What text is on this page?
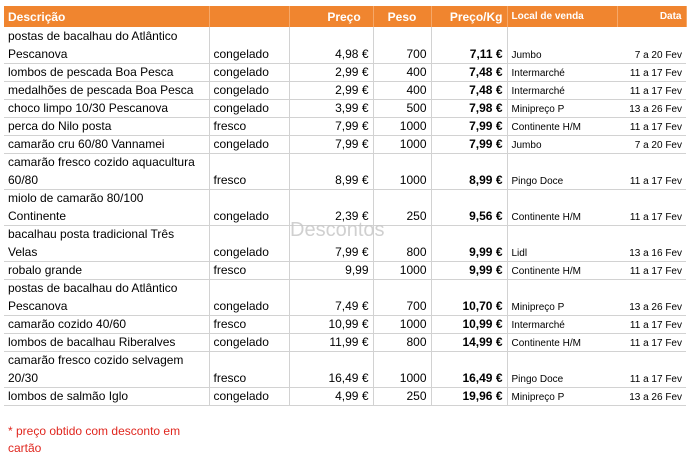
Descrição		Preço	Peso	Preço/Kg	Local de venda	Data
postas de bacalhau do Atlântico						
Pescanova	congelado	4,98 €	700	7,11 €	Jumbo	7 a 20 Fev
lombos de pescada Boa Pesca	congelado	2,99 €	400	7,48 €	Intermarché	11 a 17 Fev
medalhões de pescada Boa Pesca	congelado	2,99 €	400	7,48 €	Intermarché	11 a 17 Fev
choco limpo 10/30 Pescanova	congelado	3,99 €	500	7,98 €	Minipreço P	13 a 26 Fev
perca do Nilo posta	fresco	7,99 €	1000	7,99 €	Continente H/M	11 a 17 Fev
camarão cru 60/80 Vannamei	congelado	7,99 €	1000	7,99 €	Jumbo	7 a 20 Fev
camarão fresco cozido aquacultura						
60/80	fresco	8,99 €	1000	8,99 €	Pingo Doce	11 a 17 Fev
miolo de camarão 80/100						
Continente	congelado	2,39 €	250	9,56 €	Continente H/M	11 a 17 Fev
bacalhau posta tradicional Três						
Velas	congelado	7,99 €	800	9,99 €	Lidl	13 a 16 Fev
robalo grande	fresco	9,99	1000	9,99 €	Continente H/M	11 a 17 Fev
postas de bacalhau do Atlântico						
Pescanova	congelado	7,49 €	700	10,70 €	Minipreço P	13 a 26 Fev
camarão cozido 40/60	fresco	10,99 €	1000	10,99 €	Intermarché	11 a 17 Fev
lombos de bacalhau Riberalves	congelado	11,99 €	800	14,99 €	Continente H/M	11 a 17 Fev
camarão fresco cozido selvagem						
20/30	fresco	16,49 €	1000	16,49 €	Pingo Doce	11 a 17 Fev
lombos de salmão Iglo	congelado	4,99 €	250	19,96 €	Minipreço P	13 a 26 Fev
Descontos
* preço obtido com desconto em cartão
